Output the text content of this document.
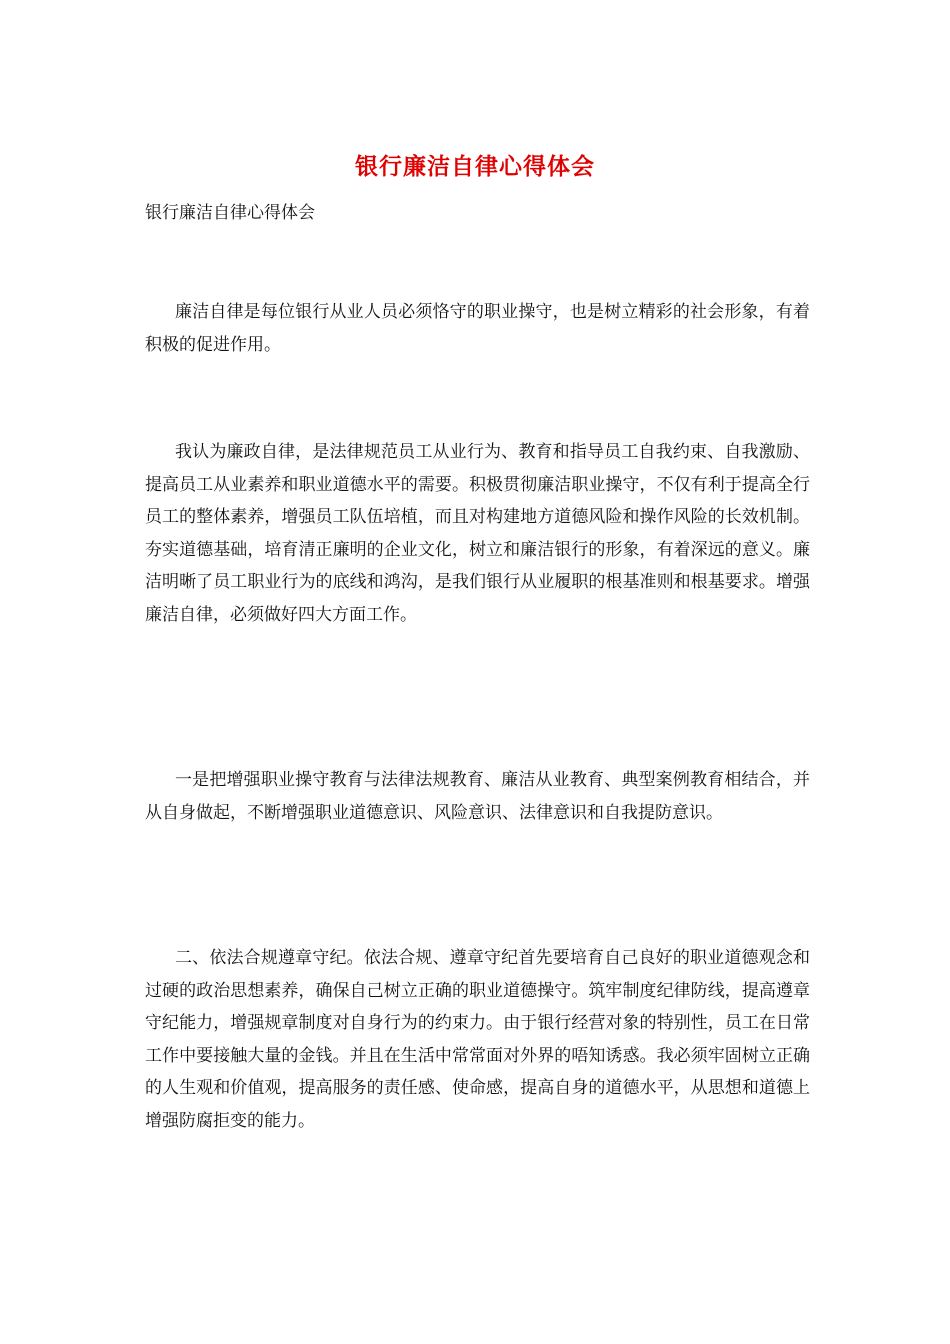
银行廉洁自律心得体会
银行廉洁自律心得体会

廉洁自律是每位银行从业人员必须恪守的职业操守，也是树立精彩的社会形象，有着积极的促进作用。

我认为廉政自律，是法律规范员工从业行为、教育和指导员工自我约束、自我激励、提高员工从业素养和职业道德水平的需要。积极贯彻廉洁职业操守，不仅有利于提高全行员工的整体素养，增强员工队伍培植，而且对构建地方道德风险和操作风险的长效机制。夯实道德基础，培育清正廉明的企业文化，树立和廉洁银行的形象，有着深远的意义。廉洁明晰了员工职业行为的底线和鸿沟，是我们银行从业履职的根基准则和根基要求。增强廉洁自律，必须做好四大方面工作。

一是把增强职业操守教育与法律法规教育、廉洁从业教育、典型案例教育相结合，并从自身做起，不断增强职业道德意识、风险意识、法律意识和自我提防意识。

二、依法合规遵章守纪。依法合规、遵章守纪首先要培育自己良好的职业道德观念和过硬的政治思想素养，确保自己树立正确的职业道德操守。筑牢制度纪律防线，提高遵章守纪能力，增强规章制度对自身行为的约束力。由于银行经营对象的特别性，员工在日常工作中要接触大量的金钱。并且在生活中常常面对外界的唔知诱惑。我必须牢固树立正确的人生观和价值观，提高服务的责任感、使命感，提高自身的道德水平，从思想和道德上增强防腐拒变的能力。
